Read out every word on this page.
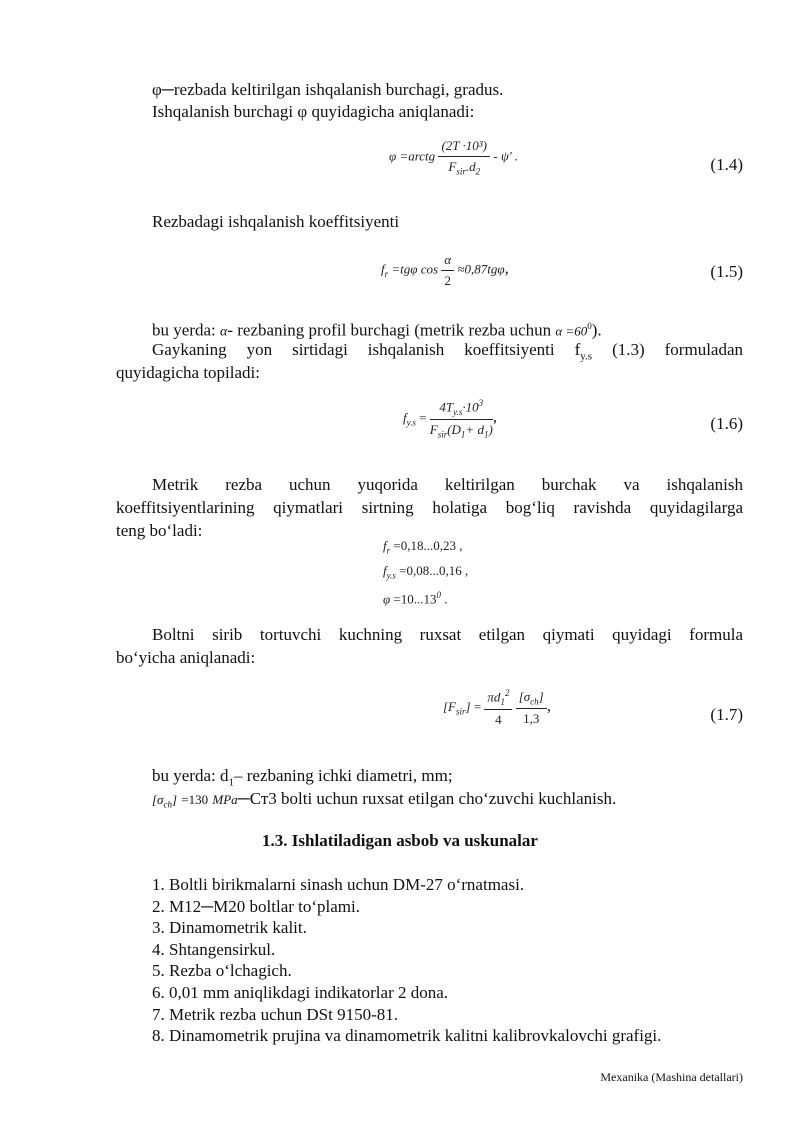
φ─rezbada keltirilgan ishqalanish burchagi, gradus.

Ishqalanish burchagi φ quyidagicha aniqlanadi:

φ =arctg $\frac{\text{(2T ·10³)}}{F_{sir}.d_2}$ - ψ' .	(1.4)

Rezbadagi ishqalanish koeffitsiyenti

$f_r =tg\varphi$ $\cos \frac{\alpha}{2} \approx 0,87tg\varphi$,	(1.5)

bu yerda: α- rezbaning profil burchagi (metrik rezba uchun $\alpha =60^0$).

Gaykaning yon sirtidagi ishqalanish koeffitsiyenti $f_{y.s}$ (1.3) formuladan

quyidagicha topiladi:

$f_{y.s} = \frac{4T_{y.s}\cdot 10^3}{F_{sir}(D_1+ d_1)}$ ,	(1.6)

Metrik rezba uchun yuqorida keltirilgan burchak va ishqalanish

koeffitsiyentlarining qiymatlari sirtning holatiga bog‘liq ravishda quyidagilarga

teng bo‘ladi:

$f_r =0,18...0,23$ ,
$f_{y.s} =0,08...0,16$ ,
$\varphi =10...13^0$ .

Boltni sirib tortuvchi kuchning ruxsat etilgan qiymati quyidagi formula

bo‘yicha aniqlanadi:

$[F_{sir}] = \frac{\pi d_1^2}{4}$
$\frac{[\sigma_{ch}]}{1,3}$ ,	(1.7)

bu yerda: $d_1-$ rezbaning ichki diametri, mm;

$[\sigma_{ch}] =130$ MPa─Ст3 bolti uchun ruxsat etilgan cho‘zuvchi kuchlanish.

1.3. Ishlatiladigan asbob va uskunalar
1. Boltli birikmalarni sinash uchun DM-27 o‘rnatmasi.
2. M12─M20 boltlar to‘plami.
3. Dinamometrik kalit.
4. Shtangensirkul.
5. Rezba o‘lchagich.
6. 0,01 mm aniqlikdagi indikatorlar 2 dona.
7. Metrik rezba uchun DSt 9150-81.
8. Dinamometrik prujina va dinamometrik kalitni kalibrovkalovchi grafigi.
Mexanika (Mashina detallari)
